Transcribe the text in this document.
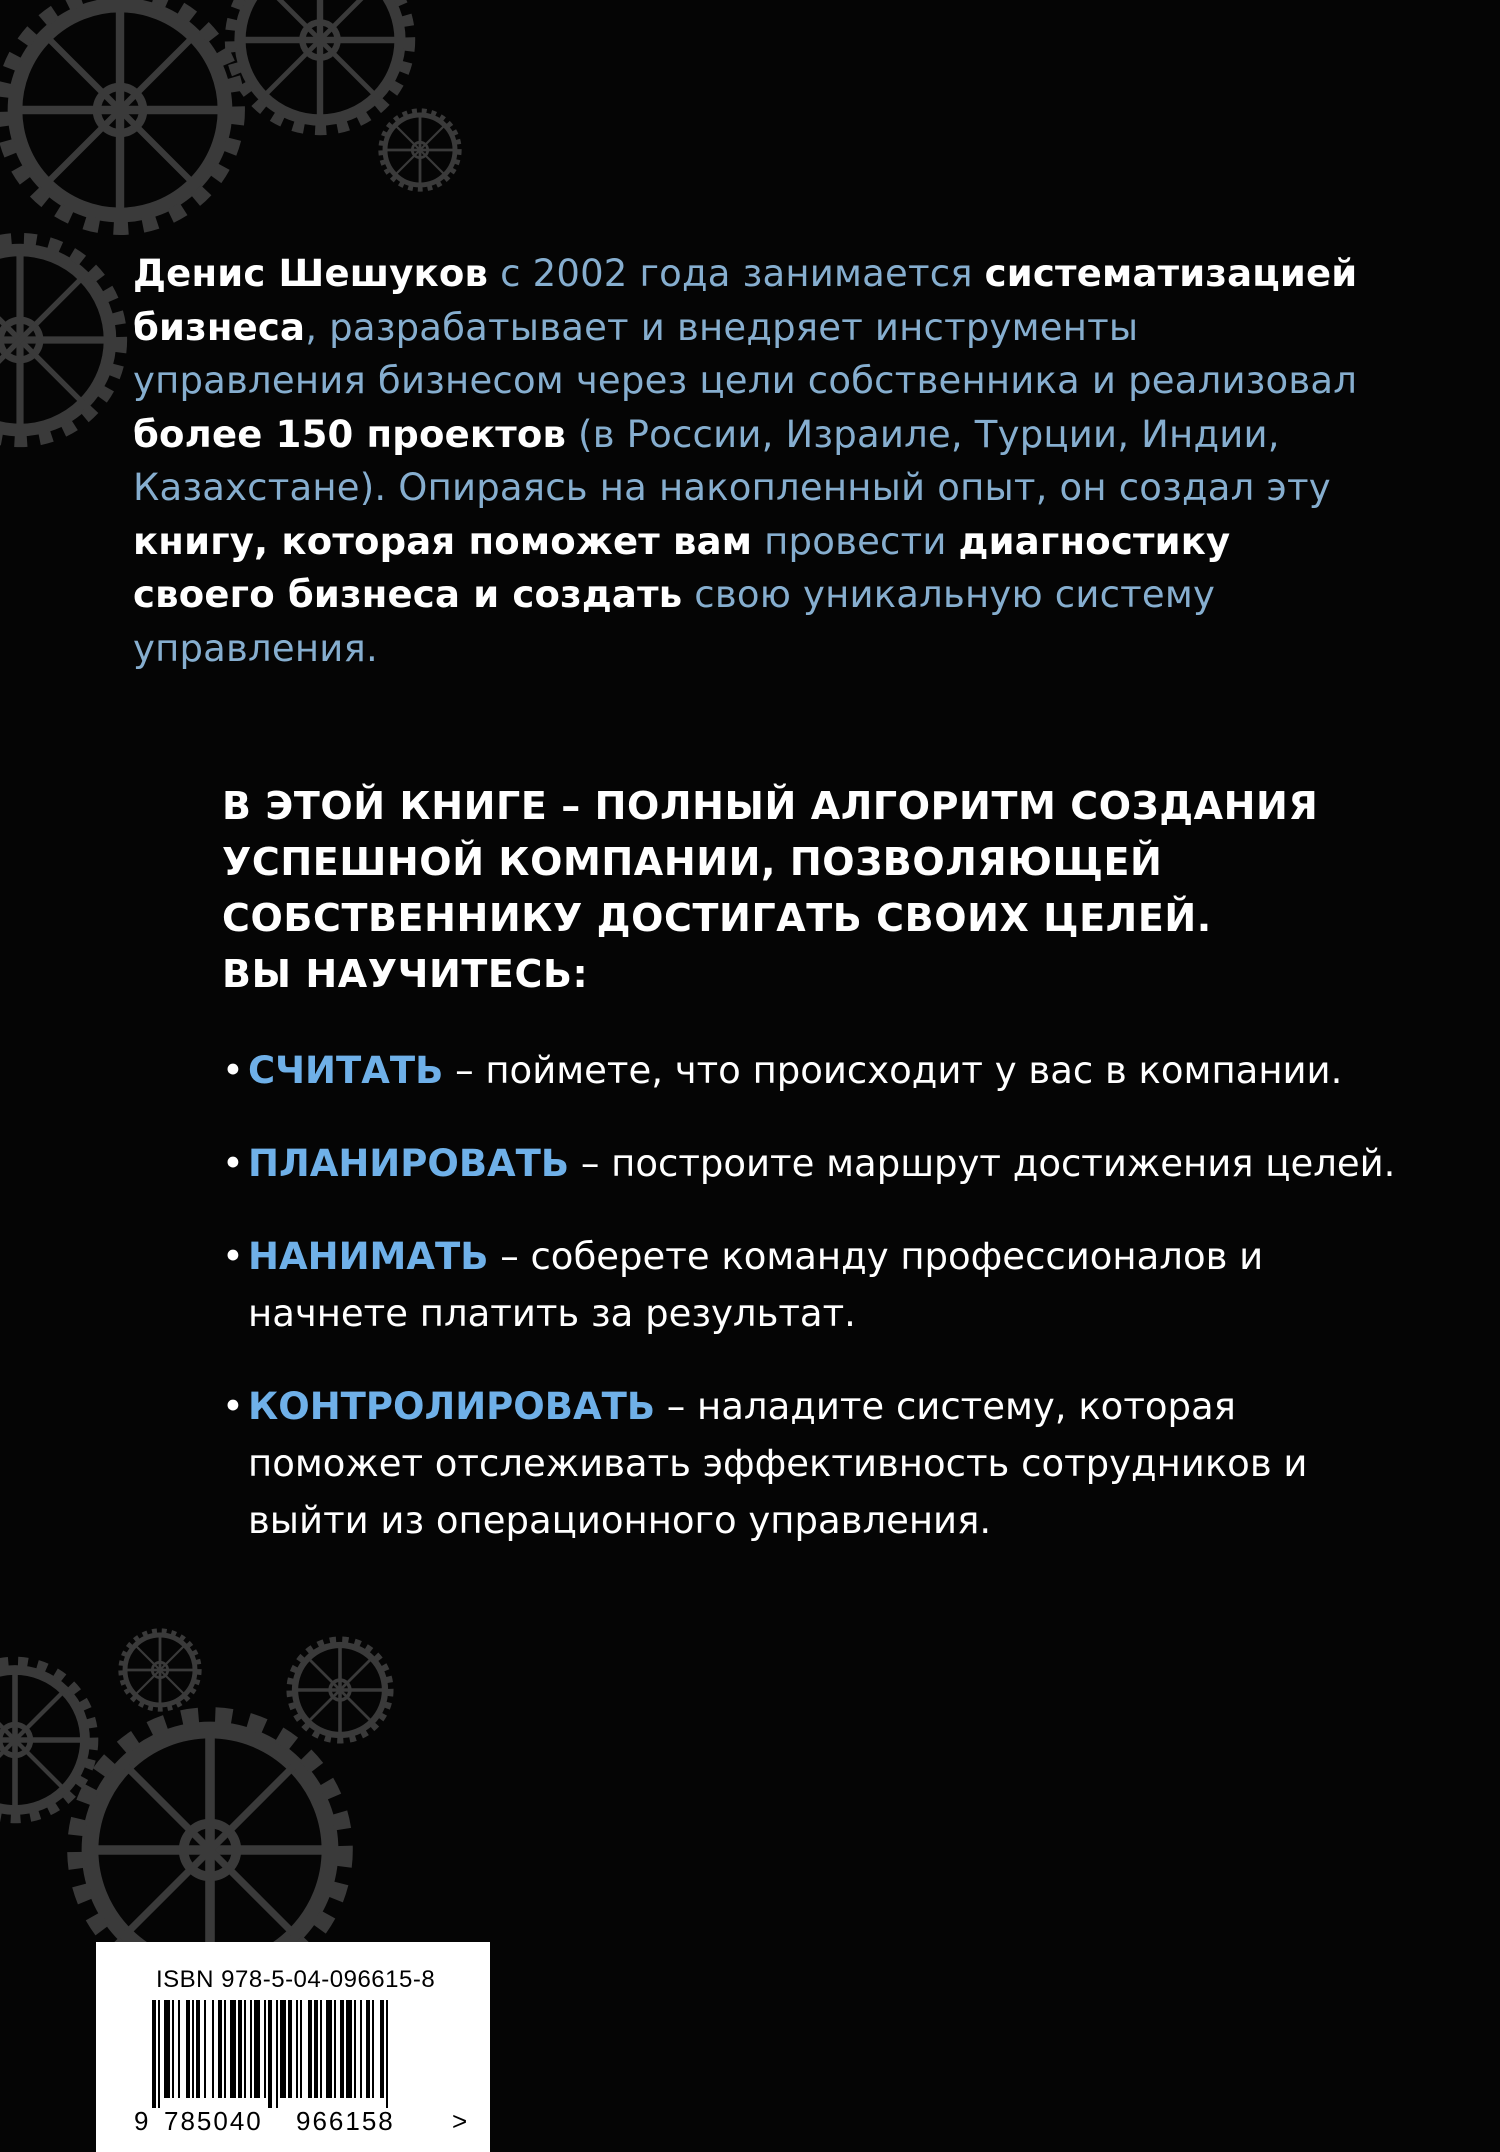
Денис Шешуков с 2002 года занимается систематизацией бизнеса, разрабатывает и внедряет инструменты управления бизнесом через цели собственника и реализовал более 150 проектов (в России, Израиле, Турции, Индии, Казахстане). Опираясь на накопленный опыт, он создал эту книгу, которая поможет вам провести диагностику своего бизнеса и создать свою уникальную систему управления.
В ЭТОЙ КНИГЕ – ПОЛНЫЙ АЛГОРИТМ СОЗДАНИЯ
УСПЕШНОЙ КОМПАНИИ, ПОЗВОЛЯЮЩЕЙ
СОБСТВЕННИКУ ДОСТИГАТЬ СВОИХ ЦЕЛЕЙ.
ВЫ НАУЧИТЕСЬ:
• СЧИТАТЬ – поймете, что происходит у вас в компании.
• ПЛАНИРОВАТЬ – построите маршрут достижения целей.
• НАНИМАТЬ – соберете команду профессионалов и начнете платить за результат.
• КОНТРОЛИРОВАТЬ – наладите систему, которая поможет отслеживать эффективность сотрудников и выйти из операционного управления.
ISBN 978-5-04-096615-8
9 785040 966158 >
